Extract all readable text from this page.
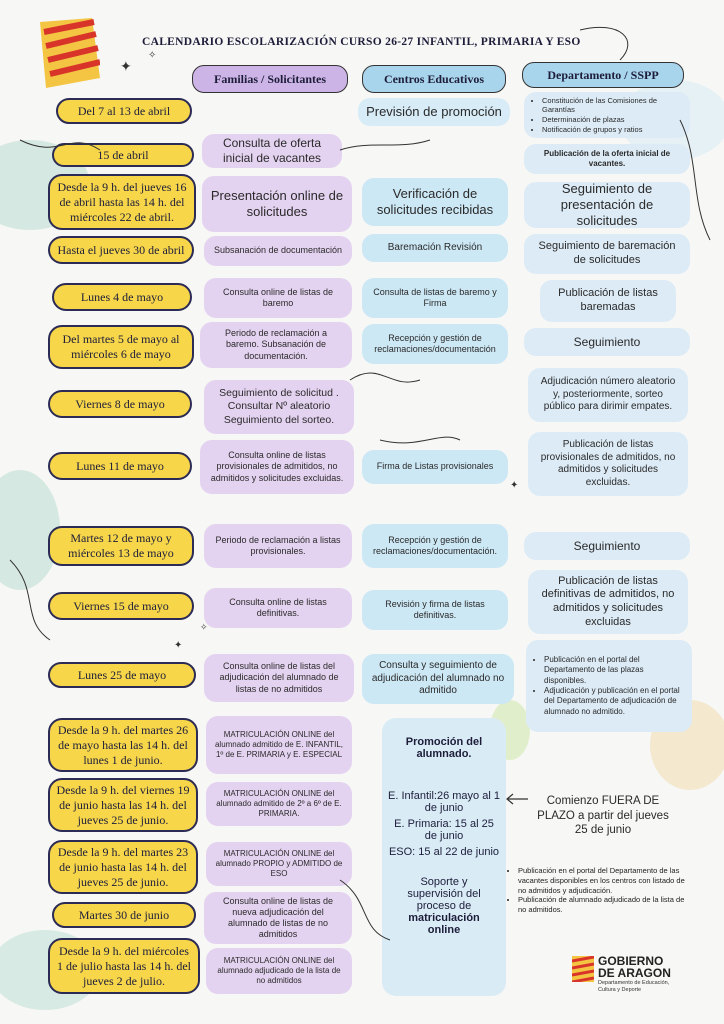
CALENDARIO ESCOLARIZACIÓN CURSO 26-27 INFANTIL, PRIMARIA Y ESO
✦
✧
✦
✧
✦
Familias / Solicitantes	Centros Educativos	Departamento / SSPP
Del 7 al 13 de abril
15 de abril
Desde la 9 h. del jueves 16 de abril hasta las 14 h. del miércoles 22 de abril.
Hasta el jueves 30 de abril
Lunes 4 de mayo
Del martes 5 de mayo al miércoles 6 de mayo
Viernes 8 de mayo
Lunes 11 de mayo
Martes 12 de mayo y miércoles 13 de mayo
Viernes 15 de mayo
Lunes 25 de mayo
Desde la 9 h. del martes 26 de mayo hasta las 14 h. del lunes 1 de junio.
Desde la 9 h. del viernes 19 de junio hasta las 14 h. del jueves 25 de junio.
Desde la 9 h. del martes 23 de junio hasta las 14 h. del jueves 25 de junio.
Martes 30 de junio
Desde la 9 h. del miércoles 1 de julio hasta las 14 h. del jueves 2 de julio.
Consulta de oferta inicial de vacantes
Presentación online de solicitudes
Subsanación de documentación
Consulta online de listas de baremo
Periodo de reclamación a baremo. Subsanación de documentación.
Seguimiento de solicitud . Consultar Nº aleatorio Seguimiento del sorteo.
Consulta online de listas provisionales de admitidos, no admitidos y solicitudes excluidas.
Periodo de reclamación a listas provisionales.
Consulta online de listas definitivas.
Consulta online de listas del adjudicación del alumnado de listas de no admitidos
MATRICULACIÓN ONLINE del alumnado admitido de E. INFANTIL, 1º de E. PRIMARIA y E. ESPECIAL
MATRICULACIÓN ONLINE del alumnado admitido de 2º a 6º de E. PRIMARIA.
MATRICULACIÓN ONLINE del alumnado PROPIO y ADMITIDO de ESO
Consulta online de listas de nueva adjudicación del alumnado de listas de no admitidos
MATRICULACIÓN ONLINE del alumnado adjudicado de la lista de no admitidos
Previsión de promoción
Verificación de solicitudes recibidas
Baremación Revisión
Consulta de listas de baremo y Firma
Recepción y gestión de reclamaciones/documentación
Firma de Listas provisionales
Recepción y gestión de reclamaciones/documentación.
Revisión y firma de listas definitivas.
Consulta y seguimiento de adjudicación del alumnado no admitido
Promoción del alumnado.
E. Infantil:26 mayo al 1 de junio
E. Primaria: 15 al 25 de junio
ESO: 15 al 22 de junio
Soporte y supervisión del proceso de
matriculación online
• Constitución de las Comisiones de Garantías
• Determinación de plazas
• Notificación de grupos y ratios
Publicación de la oferta inicial de vacantes.
Seguimiento de presentación de solicitudes
Seguimiento de baremación de solicitudes
Publicación de listas baremadas
Seguimiento
Adjudicación número aleatorio y, posteriormente, sorteo público para dirimir empates.
Publicación de listas provisionales de admitidos, no admitidos y solicitudes excluidas.
Seguimiento
Publicación de listas definitivas de admitidos, no admitidos y solicitudes excluidas
• Publicación en el portal del Departamento de las plazas disponibles.
• Adjudicación y publicación en el portal del Departamento de adjudicación de alumnado no admitido.
Comienzo FUERA DE PLAZO a partir del jueves 25 de junio
• Publicación en el portal del Departamento de las vacantes disponibles en los centros con listado de no admitidos y adjudicación.
• Publicación de alumnado adjudicado de la lista de no admitidos.
GOBIERNO
DE ARAGON
Departamento de Educación,
Cultura y Deporte
